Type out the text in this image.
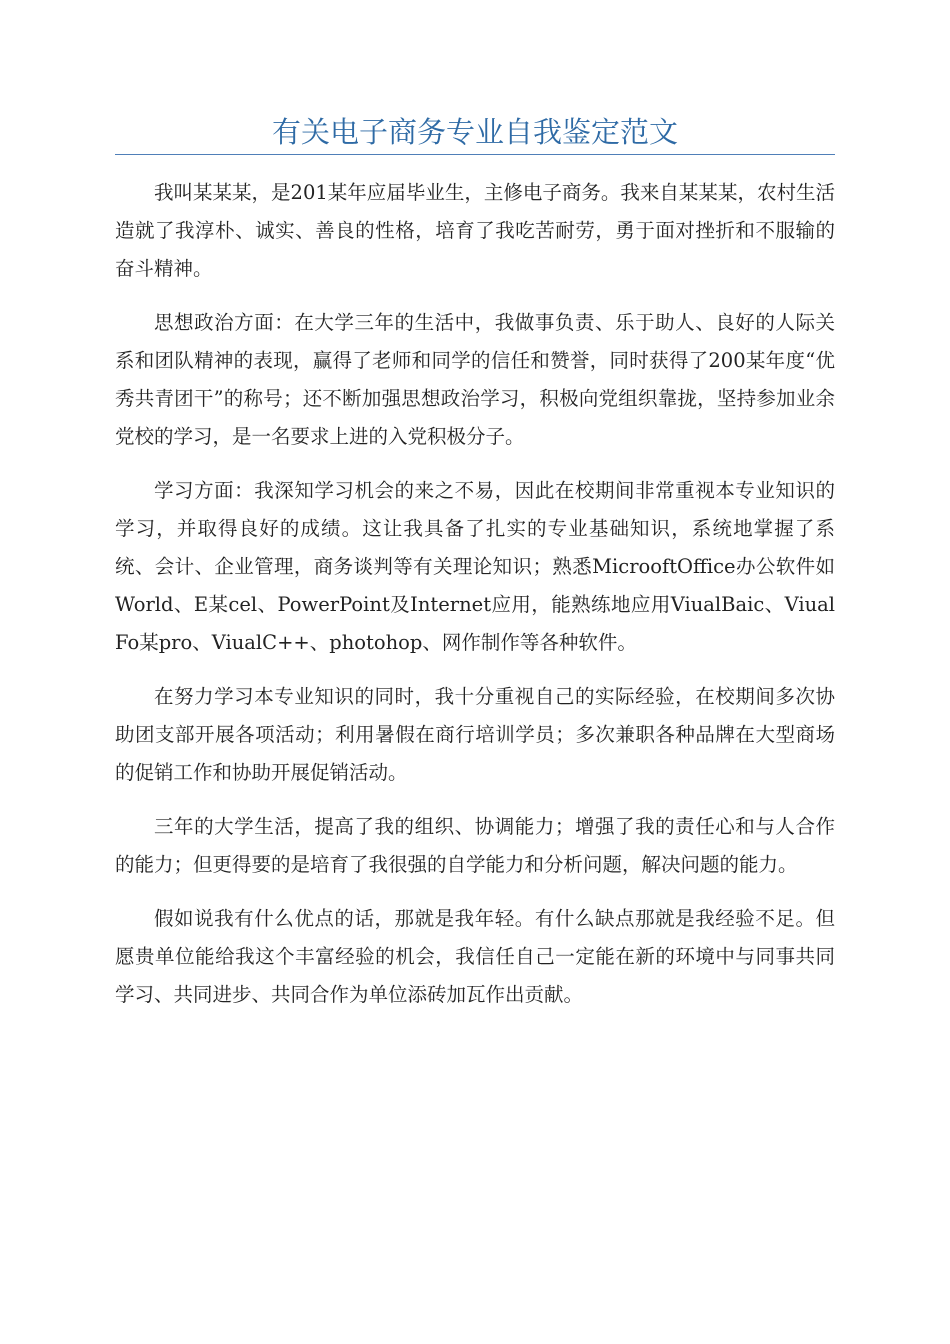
有关电子商务专业自我鉴定范文

我叫某某某，是201某年应届毕业生，主修电子商务。我来自某某某，农村生活造就了我淳朴、诚实、善良的性格，培育了我吃苦耐劳，勇于面对挫折和不服输的奋斗精神。

思想政治方面：在大学三年的生活中，我做事负责、乐于助人、良好的人际关系和团队精神的表现，赢得了老师和同学的信任和赞誉，同时获得了200某年度“优秀共青团干”的称号；还不断加强思想政治学习，积极向党组织靠拢，坚持参加业余党校的学习，是一名要求上进的入党积极分子。

学习方面：我深知学习机会的来之不易，因此在校期间非常重视本专业知识的学习，并取得良好的成绩。这让我具备了扎实的专业基础知识，系统地掌握了系统、会计、企业管理，商务谈判等有关理论知识；熟悉MicrooftOffice办公软件如World、E某cel、PowerPoint及Internet应用，能熟练地应用ViualBaic、ViualFo某pro、ViualC++、photohop、网作制作等各种软件。

在努力学习本专业知识的同时，我十分重视自己的实际经验，在校期间多次协助团支部开展各项活动；利用暑假在商行培训学员；多次兼职各种品牌在大型商场的促销工作和协助开展促销活动。

三年的大学生活，提高了我的组织、协调能力；增强了我的责任心和与人合作的能力；但更得要的是培育了我很强的自学能力和分析问题，解决问题的能力。

假如说我有什么优点的话，那就是我年轻。有什么缺点那就是我经验不足。但愿贵单位能给我这个丰富经验的机会，我信任自己一定能在新的环境中与同事共同学习、共同进步、共同合作为单位添砖加瓦作出贡献。
